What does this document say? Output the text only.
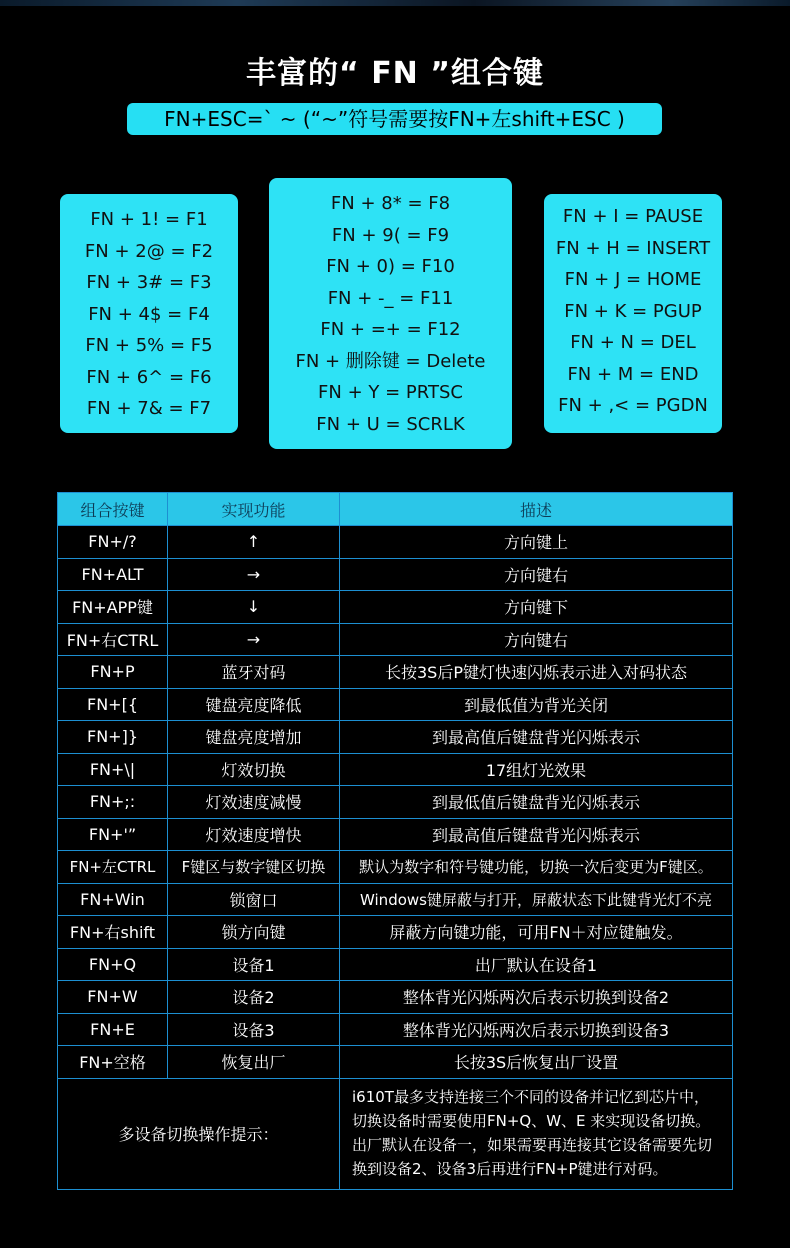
丰富的“ FN ”组合键
FN+ESC=` ~ (“~”符号需要按FN+左shift+ESC )
FN + 1! = F1
FN + 2@ = F2
FN + 3# = F3
FN + 4$ = F4
FN + 5% = F5
FN + 6^ = F6
FN + 7& = F7
FN + 8* = F8
FN + 9( = F9
FN + 0) = F10
FN + -_ = F11
FN + =+ = F12
FN + 删除键 = Delete
FN + Y = PRTSC
FN + U = SCRLK
FN + I = PAUSE
FN + H = INSERT
FN + J = HOME
FN + K = PGUP
FN + N = DEL
FN + M = END
FN + ,< = PGDN
组合按键	实现功能	描述
FN+/?	↑	方向键上
FN+ALT	→	方向键右
FN+APP键	↓	方向键下
FN+右CTRL	→	方向键右
FN+P	蓝牙对码	长按3S后P键灯快速闪烁表示进入对码状态
FN+[{	键盘亮度降低	到最低值为背光关闭
FN+]}	键盘亮度增加	到最高值后键盘背光闪烁表示
FN+\|	灯效切换	17组灯光效果
FN+;:	灯效速度减慢	到最低值后键盘背光闪烁表示
FN+'”	灯效速度增快	到最高值后键盘背光闪烁表示
FN+左CTRL	F键区与数字键区切换	默认为数字和符号键功能，切换一次后变更为F键区。
FN+Win	锁窗口	Windows键屏蔽与打开，屏蔽状态下此键背光灯不亮
FN+右shift	锁方向键	屏蔽方向键功能，可用FN＋对应键触发。
FN+Q	设备1	出厂默认在设备1
FN+W	设备2	整体背光闪烁两次后表示切换到设备2
FN+E	设备3	整体背光闪烁两次后表示切换到设备3
FN+空格	恢复出厂	长按3S后恢复出厂设置
多设备切换操作提示：		i610T最多支持连接三个不同的设备并记忆到芯片中，切换设备时需要使用FN+Q、W、E 来实现设备切换。 出厂默认在设备一，如果需要再连接其它设备需要先切换到设备2、设备3后再进行FN+P键进行对码。
